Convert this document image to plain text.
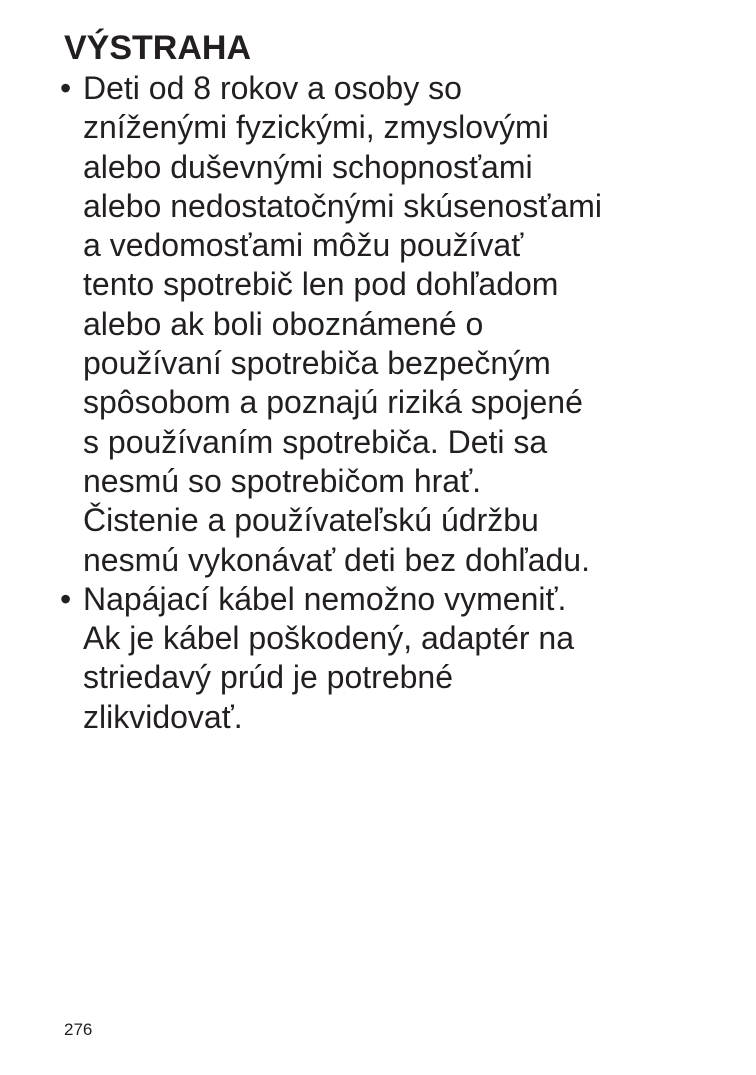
VÝSTRAHA
• Deti od 8 rokov a osoby so
zníženými fyzickými, zmyslovými
alebo duševnými schopnosťami
alebo nedostatočnými skúsenosťami
a vedomosťami môžu používať
tento spotrebič len pod dohľadom
alebo ak boli oboznámené o
používaní spotrebiča bezpečným
spôsobom a poznajú riziká spojené
s používaním spotrebiča. Deti sa
nesmú so spotrebičom hrať.
Čistenie a používateľskú údržbu
nesmú vykonávať deti bez dohľadu.
• Napájací kábel nemožno vymeniť.
Ak je kábel poškodený, adaptér na
striedavý prúd je potrebné
zlikvidovať.
276
